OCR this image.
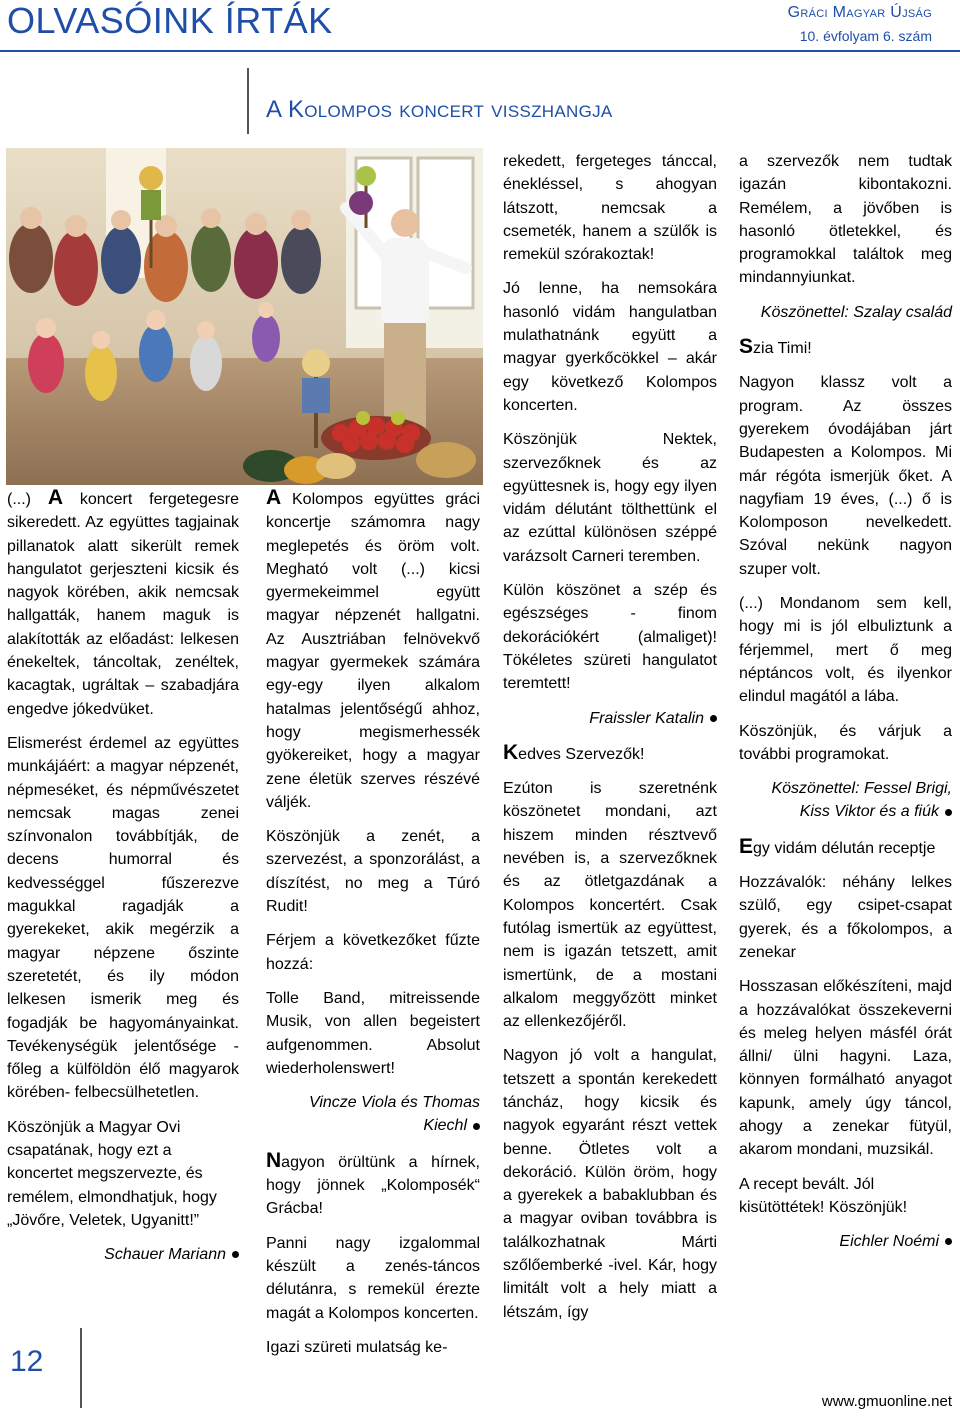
OLVASÓINK ÍRTÁK	Gráci Magyar Újság
10. évfolyam 6. szám
A Kolompos koncert visszhangja

(...) A koncert fergetegesre sikeredett. Az együttes tagjainak pillanatok alatt sikerült remek hangulatot gerjeszteni kicsik és nagyok körében, akik nemcsak hallgatták, hanem maguk is alakították az előadást: lelkesen énekeltek, táncoltak, zenéltek, kacagtak, ugráltak – szabadjára engedve jókedvüket.

Elismerést érdemel az együttes munkájáért: a magyar népzenét, népmeséket, és népművészetet nemcsak magas zenei színvonalon továbbítják, de decens humorral és kedvességgel fűszerezve magukkal ragadják a gyerekeket, akik megérzik a magyar népzene őszinte szeretetét, és ily módon lelkesen ismerik meg és fogadják be hagyományainkat. Tevékenységük jelentősége -főleg a külföldön élő magyarok körében- felbecsülhetetlen.

Köszönjük a Magyar Ovi csapatának, hogy ezt a koncertet megszervezte, és remélem, elmondhatjuk, hogy „Jövőre, Veletek, Ugyanitt!”

Schauer Mariann

A Kolompos együttes gráci koncertje számomra nagy meglepetés és öröm volt. Megható volt (...) kicsi gyermekeimmel együtt magyar népzenét hallgatni. Az Ausztriában felnövekvő magyar gyermekek számára egy-egy ilyen alkalom hatalmas jelentőségű ahhoz, hogy megismerhessék gyökereiket, hogy a magyar zene életük szerves részévé váljék.

Köszönjük a zenét, a szervezést, a sponzorálást, a díszítést, no meg a Túró Rudit!

Férjem a következőket fűzte hozzá:

Tolle Band, mitreissende Musik, von allen begeistert aufgenommen. Absolut wiederholenswert!

Vincze Viola és Thomas Kiechl

Nagyon örültünk a hírnek, hogy jönnek „Kolomposék“ Grácba!

Panni nagy izgalommal készült a zenés-táncos délutánra, s remekül érezte magát a Kolompos koncerten.

Igazi szüreti mulatság ke-

rekedett, fergeteges tánccal, énekléssel, s ahogyan látszott, nemcsak a csemeték, hanem a szülők is remekül szórakoztak!

Jó lenne, ha nemsokára hasonló vidám hangulatban mulathatnánk együtt a magyar gyerkőcökkel – akár egy következő Kolompos koncerten.

Köszönjük Nektek, szervezőknek és az együttesnek is, hogy egy ilyen vidám délutánt tölthettünk el az ezúttal különösen széppé varázsolt Carneri teremben.

Külön köszönet a szép és egészséges - finom dekorációkért (almaliget)! Tökéletes szüreti hangulatot teremtett!

Fraissler Katalin

Kedves Szervezők!

Ezúton is szeretnénk köszönetet mondani, azt hiszem minden résztvevő nevében is, a szervezőknek és az ötletgazdának a Kolompos koncertért. Csak futólag ismertük az együttest, nem is igazán tetszett, amit ismertünk, de a mostani alkalom meggyőzött minket az ellenkezőjéről.

Nagyon jó volt a hangulat, tetszett a spontán kerekedett táncház, hogy kicsik és nagyok egyaránt részt vettek benne. Ötletes volt a dekoráció. Külön öröm, hogy a gyerekek a babaklubban és a magyar oviban továbbra is találkozhatnak Márti szőlőemberké -ivel. Kár, hogy limitált volt a hely miatt a létszám, így

a szervezők nem tudtak igazán kibontakozni. Remélem, a jövőben is hasonló ötletekkel, és programokkal találtok meg mindannyiunkat.

Köszönettel: Szalay család

Szia Timi!

Nagyon klassz volt a program. Az összes gyerekem óvodájában járt Budapesten a Kolompos. Mi már régóta ismerjük őket. A nagyfiam 19 éves, (...) ő is Kolomposon nevelkedett. Szóval nekünk nagyon szuper volt.

(...) Mondanom sem kell, hogy mi is jól elbuliztunk a férjemmel, mert ő meg néptáncos volt, és ilyenkor elindul magától a lába.

Köszönjük, és várjuk a további programokat.

Köszönettel: Fessel Brigi,

Kiss Viktor és a fiúk

Egy vidám délután receptje

Hozzávalók: néhány lelkes szülő, egy csipet-csapat gyerek, és a főkolompos, a zenekar

Hosszasan előkészíteni, majd a hozzávalókat összekeverni és meleg helyen másfél órát állni/ ülni hagyni. Laza, könnyen formálható anyagot kapunk, amely úgy táncol, ahogy a zenekar fütyül, akarom mondani, muzsikál.

A recept bevált. Jól kisütöttétek! Köszönjük!

Eichler Noémi

12
www.gmuonline.net
